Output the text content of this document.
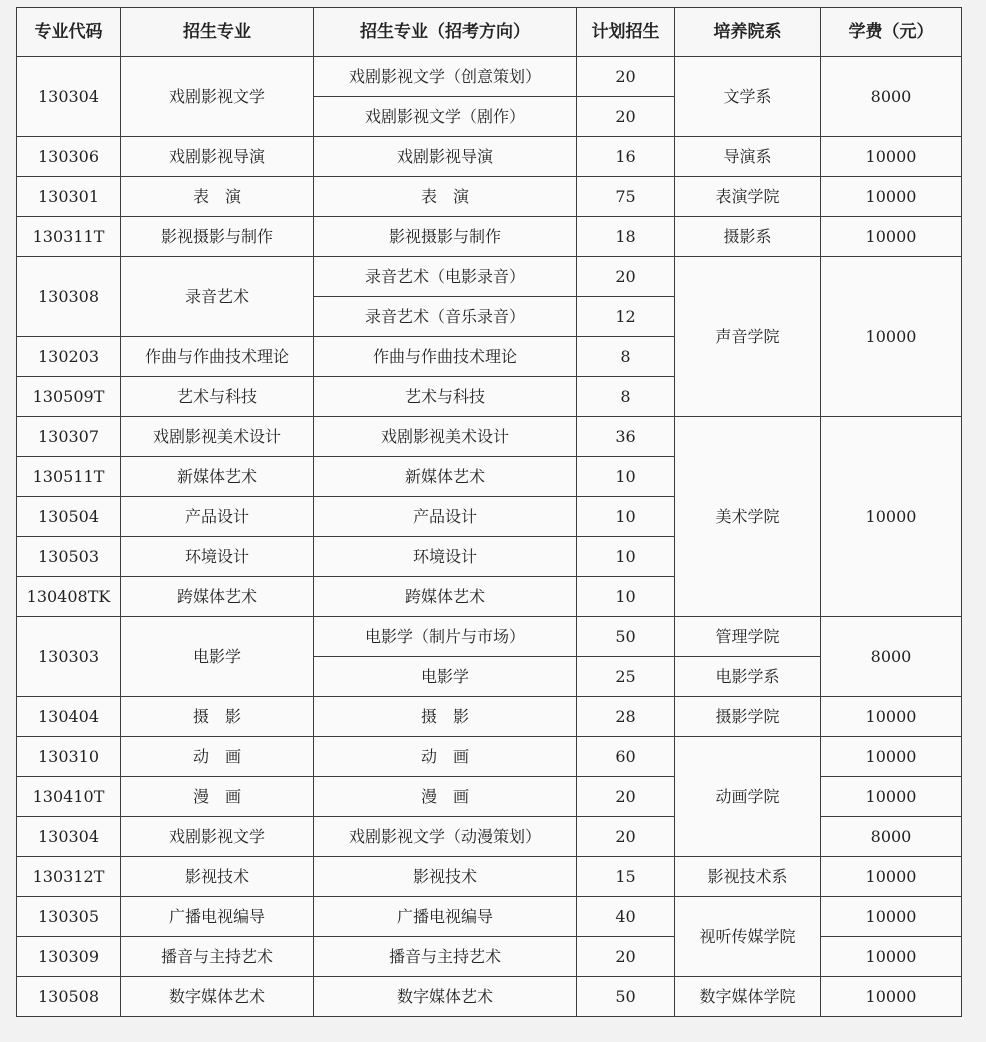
专业代码	招生专业	招生专业（招考方向）	计划招生	培养院系	学费（元）
130304	戏剧影视文学	戏剧影视文学（创意策划）	20	文学系	8000
		戏剧影视文学（剧作）	20		
130306	戏剧影视导演	戏剧影视导演	16	导演系	10000
130301	表　演	表　演	75	表演学院	10000
130311T	影视摄影与制作	影视摄影与制作	18	摄影系	10000
130308	录音艺术	录音艺术（电影录音）	20	声音学院	10000
		录音艺术（音乐录音）	12		
130203	作曲与作曲技术理论	作曲与作曲技术理论	8		
130509T	艺术与科技	艺术与科技	8		
130307	戏剧影视美术设计	戏剧影视美术设计	36	美术学院	10000
130511T	新媒体艺术	新媒体艺术	10		
130504	产品设计	产品设计	10		
130503	环境设计	环境设计	10		
130408TK	跨媒体艺术	跨媒体艺术	10		
130303	电影学	电影学（制片与市场）	50	管理学院	8000
		电影学	25	电影学系	
130404	摄　影	摄　影	28	摄影学院	10000
130310	动　画	动　画	60	动画学院	10000
130410T	漫　画	漫　画	20		10000
130304	戏剧影视文学	戏剧影视文学（动漫策划）	20		8000
130312T	影视技术	影视技术	15	影视技术系	10000
130305	广播电视编导	广播电视编导	40	视听传媒学院	10000
130309	播音与主持艺术	播音与主持艺术	20		10000
130508	数字媒体艺术	数字媒体艺术	50	数字媒体学院	10000
